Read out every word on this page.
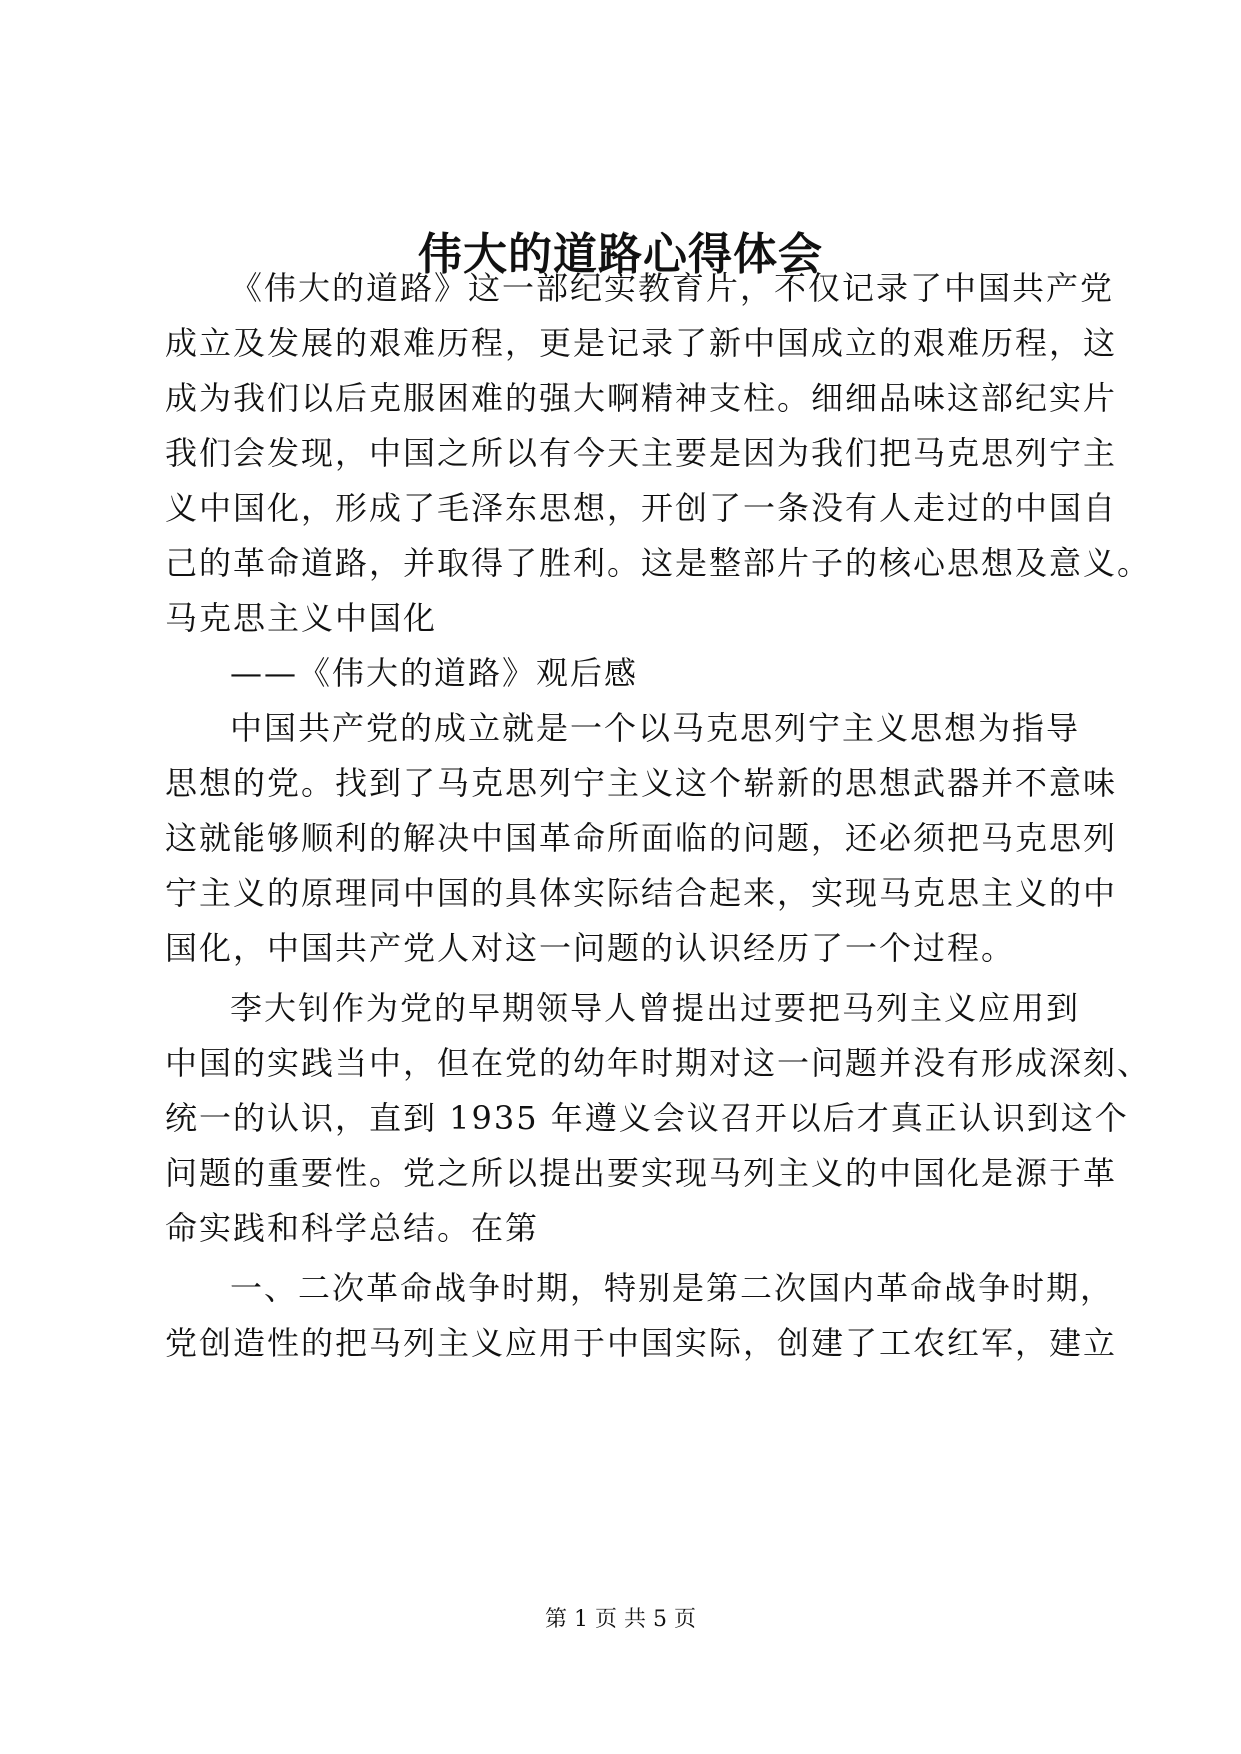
伟大的道路心得体会
《伟大的道路》这一部纪实教育片，不仅记录了中国共产党
成立及发展的艰难历程，更是记录了新中国成立的艰难历程，这
成为我们以后克服困难的强大啊精神支柱。细细品味这部纪实片
我们会发现，中国之所以有今天主要是因为我们把马克思列宁主
义中国化，形成了毛泽东思想，开创了一条没有人走过的中国自
己的革命道路，并取得了胜利。这是整部片子的核心思想及意义。
马克思主义中国化
——《伟大的道路》观后感
中国共产党的成立就是一个以马克思列宁主义思想为指导
思想的党。找到了马克思列宁主义这个崭新的思想武器并不意味
这就能够顺利的解决中国革命所面临的问题，还必须把马克思列
宁主义的原理同中国的具体实际结合起来，实现马克思主义的中
国化，中国共产党人对这一问题的认识经历了一个过程。
李大钊作为党的早期领导人曾提出过要把马列主义应用到
中国的实践当中，但在党的幼年时期对这一问题并没有形成深刻、
统一的认识，直到 1935 年遵义会议召开以后才真正认识到这个
问题的重要性。党之所以提出要实现马列主义的中国化是源于革
命实践和科学总结。在第
一、二次革命战争时期，特别是第二次国内革命战争时期，
党创造性的把马列主义应用于中国实际，创建了工农红军，建立
第 1 页 共 5 页
